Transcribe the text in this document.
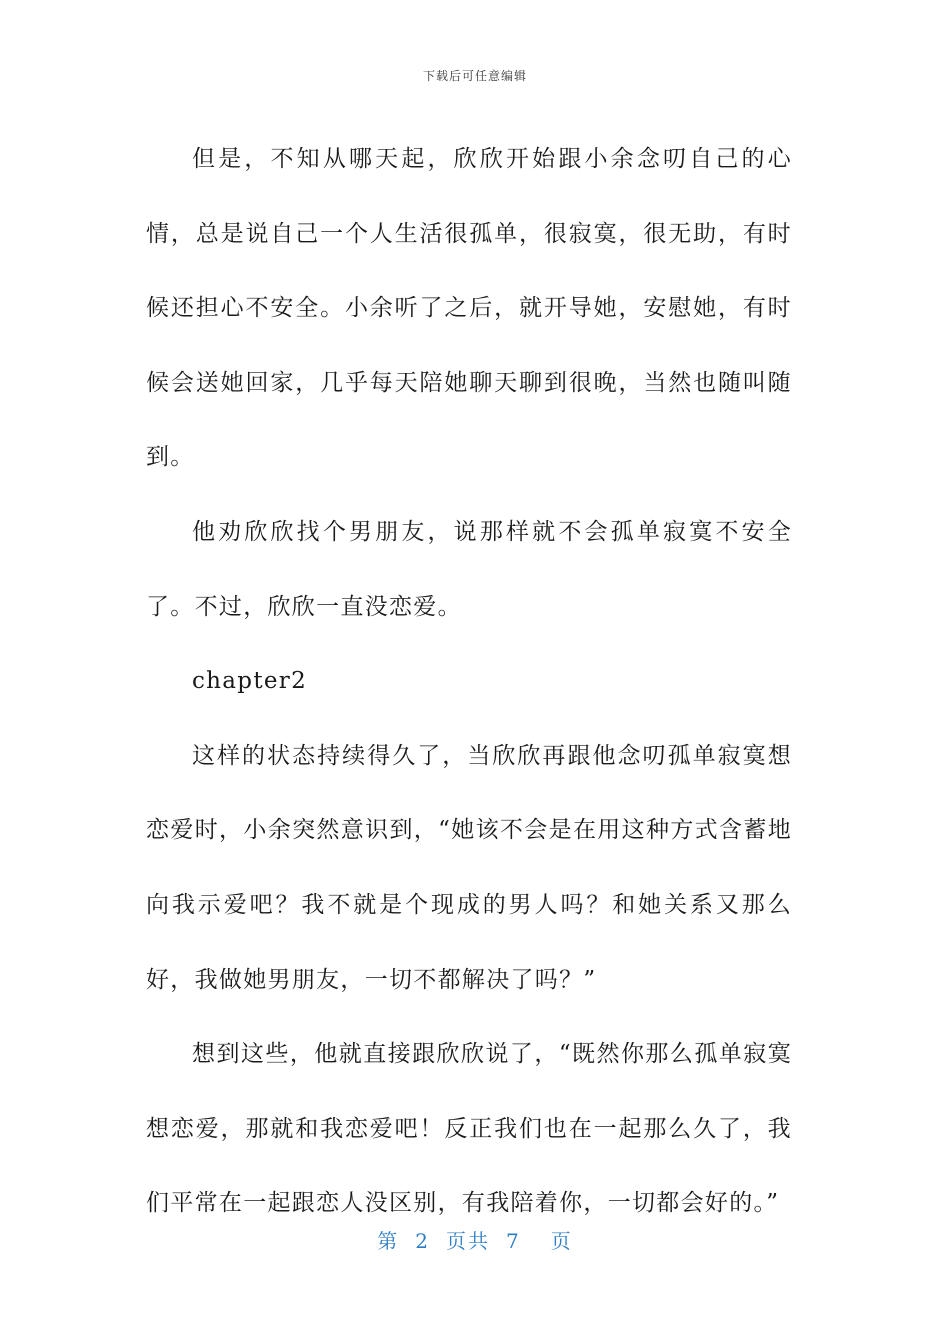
下载后可任意编辑

但是，不知从哪天起，欣欣开始跟小余念叨自己的心情，总是说自己一个人生活很孤单，很寂寞，很无助，有时候还担心不安全。小余听了之后，就开导她，安慰她，有时候会送她回家，几乎每天陪她聊天聊到很晚，当然也随叫随到。

他劝欣欣找个男朋友，说那样就不会孤单寂寞不安全了。不过，欣欣一直没恋爱。

chapter2

这样的状态持续得久了，当欣欣再跟他念叨孤单寂寞想恋爱时，小余突然意识到，“她该不会是在用这种方式含蓄地向我示爱吧？我不就是个现成的男人吗？和她关系又那么好，我做她男朋友，一切不都解决了吗？”

想到这些，他就直接跟欣欣说了，“既然你那么孤单寂寞想恋爱，那就和我恋爱吧！反正我们也在一起那么久了，我们平常在一起跟恋人没区别，有我陪着你，一切都会好的。”

第 2 页共 7 页
